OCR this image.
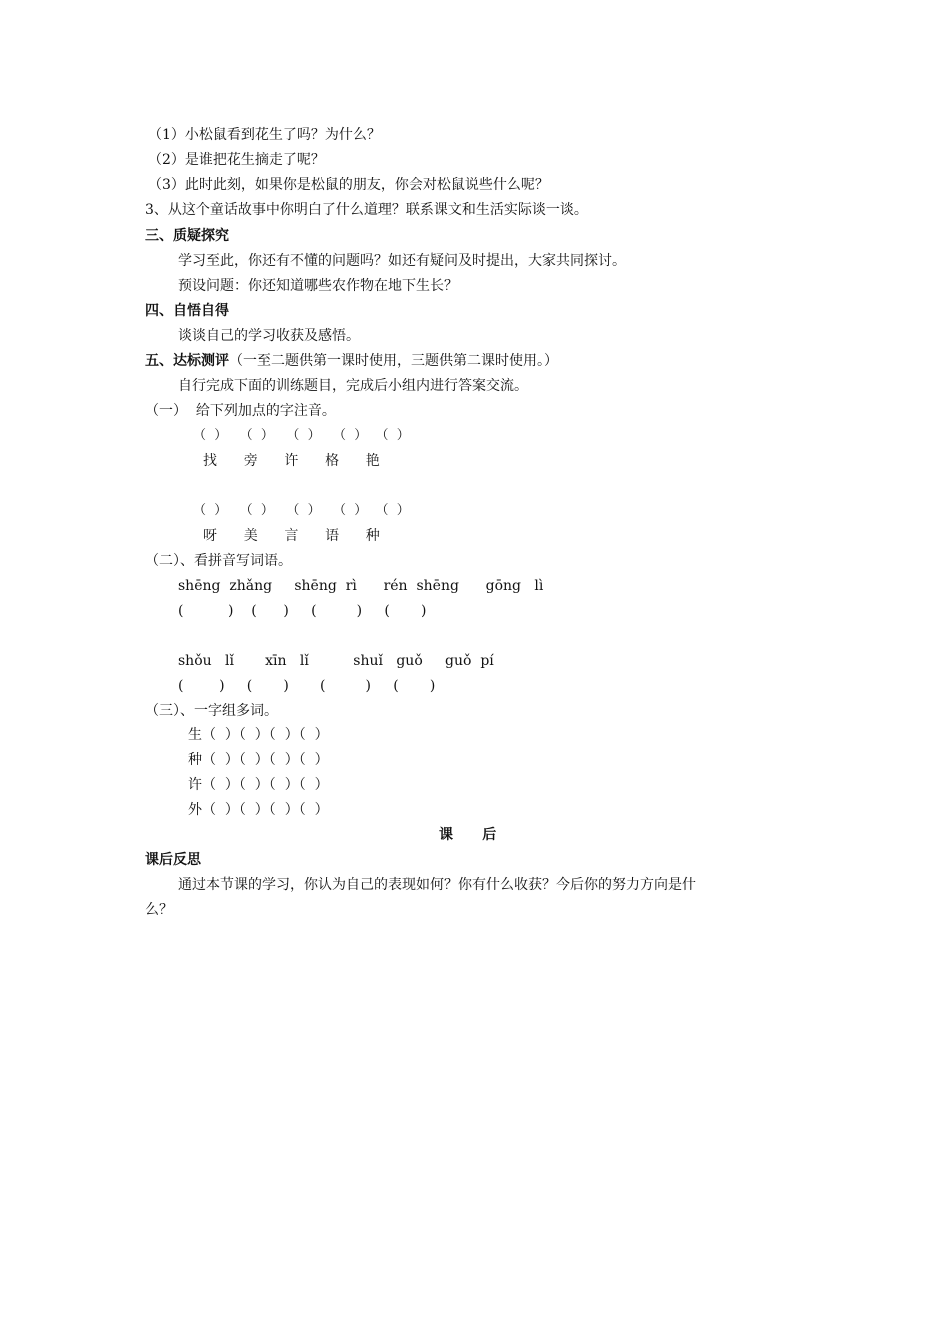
（1）小松鼠看到花生了吗？为什么？
（2）是谁把花生摘走了呢？
（3）此时此刻，如果你是松鼠的朋友，你会对松鼠说些什么呢？
3、从这个童话故事中你明白了什么道理？联系课文和生活实际谈一谈。
三、质疑探究
学习至此，你还有不懂的问题吗？如还有疑问及时提出，大家共同探讨。
预设问题：你还知道哪些农作物在地下生长？
四、自悟自得
谈谈自己的学习收获及感悟。
五、达标测评（一至二题供第一课时使用，三题供第二课时使用。）
自行完成下面的训练题目，完成后小组内进行答案交流。
（一）  给下列加点的字注音。
（  ）   （  ）   （  ）   （  ）  （  ）
找      旁      许      格      艳
（  ）   （  ）   （  ）   （  ）  （  ）
呀      美      言      语      种
（二）、看拼音写词语。
shēng  zhǎng     shēng  rì      rén  shēng      gōng   lì
(          )    (      )     (         )     (       )
shǒu   lǐ       xīn   lǐ          shuǐ   guǒ     guǒ  pí
(        )     (       )       (         )     (       )
（三）、一字组多词。
生（  ）（  ）（  ）（  ）
种（  ）（  ）（  ）（  ）
许（  ）（  ）（  ）（  ）
外（  ）（  ）（  ）（  ）
课      后
课后反思
通过本节课的学习，你认为自己的表现如何？你有什么收获？今后你的努力方向是什
么？
